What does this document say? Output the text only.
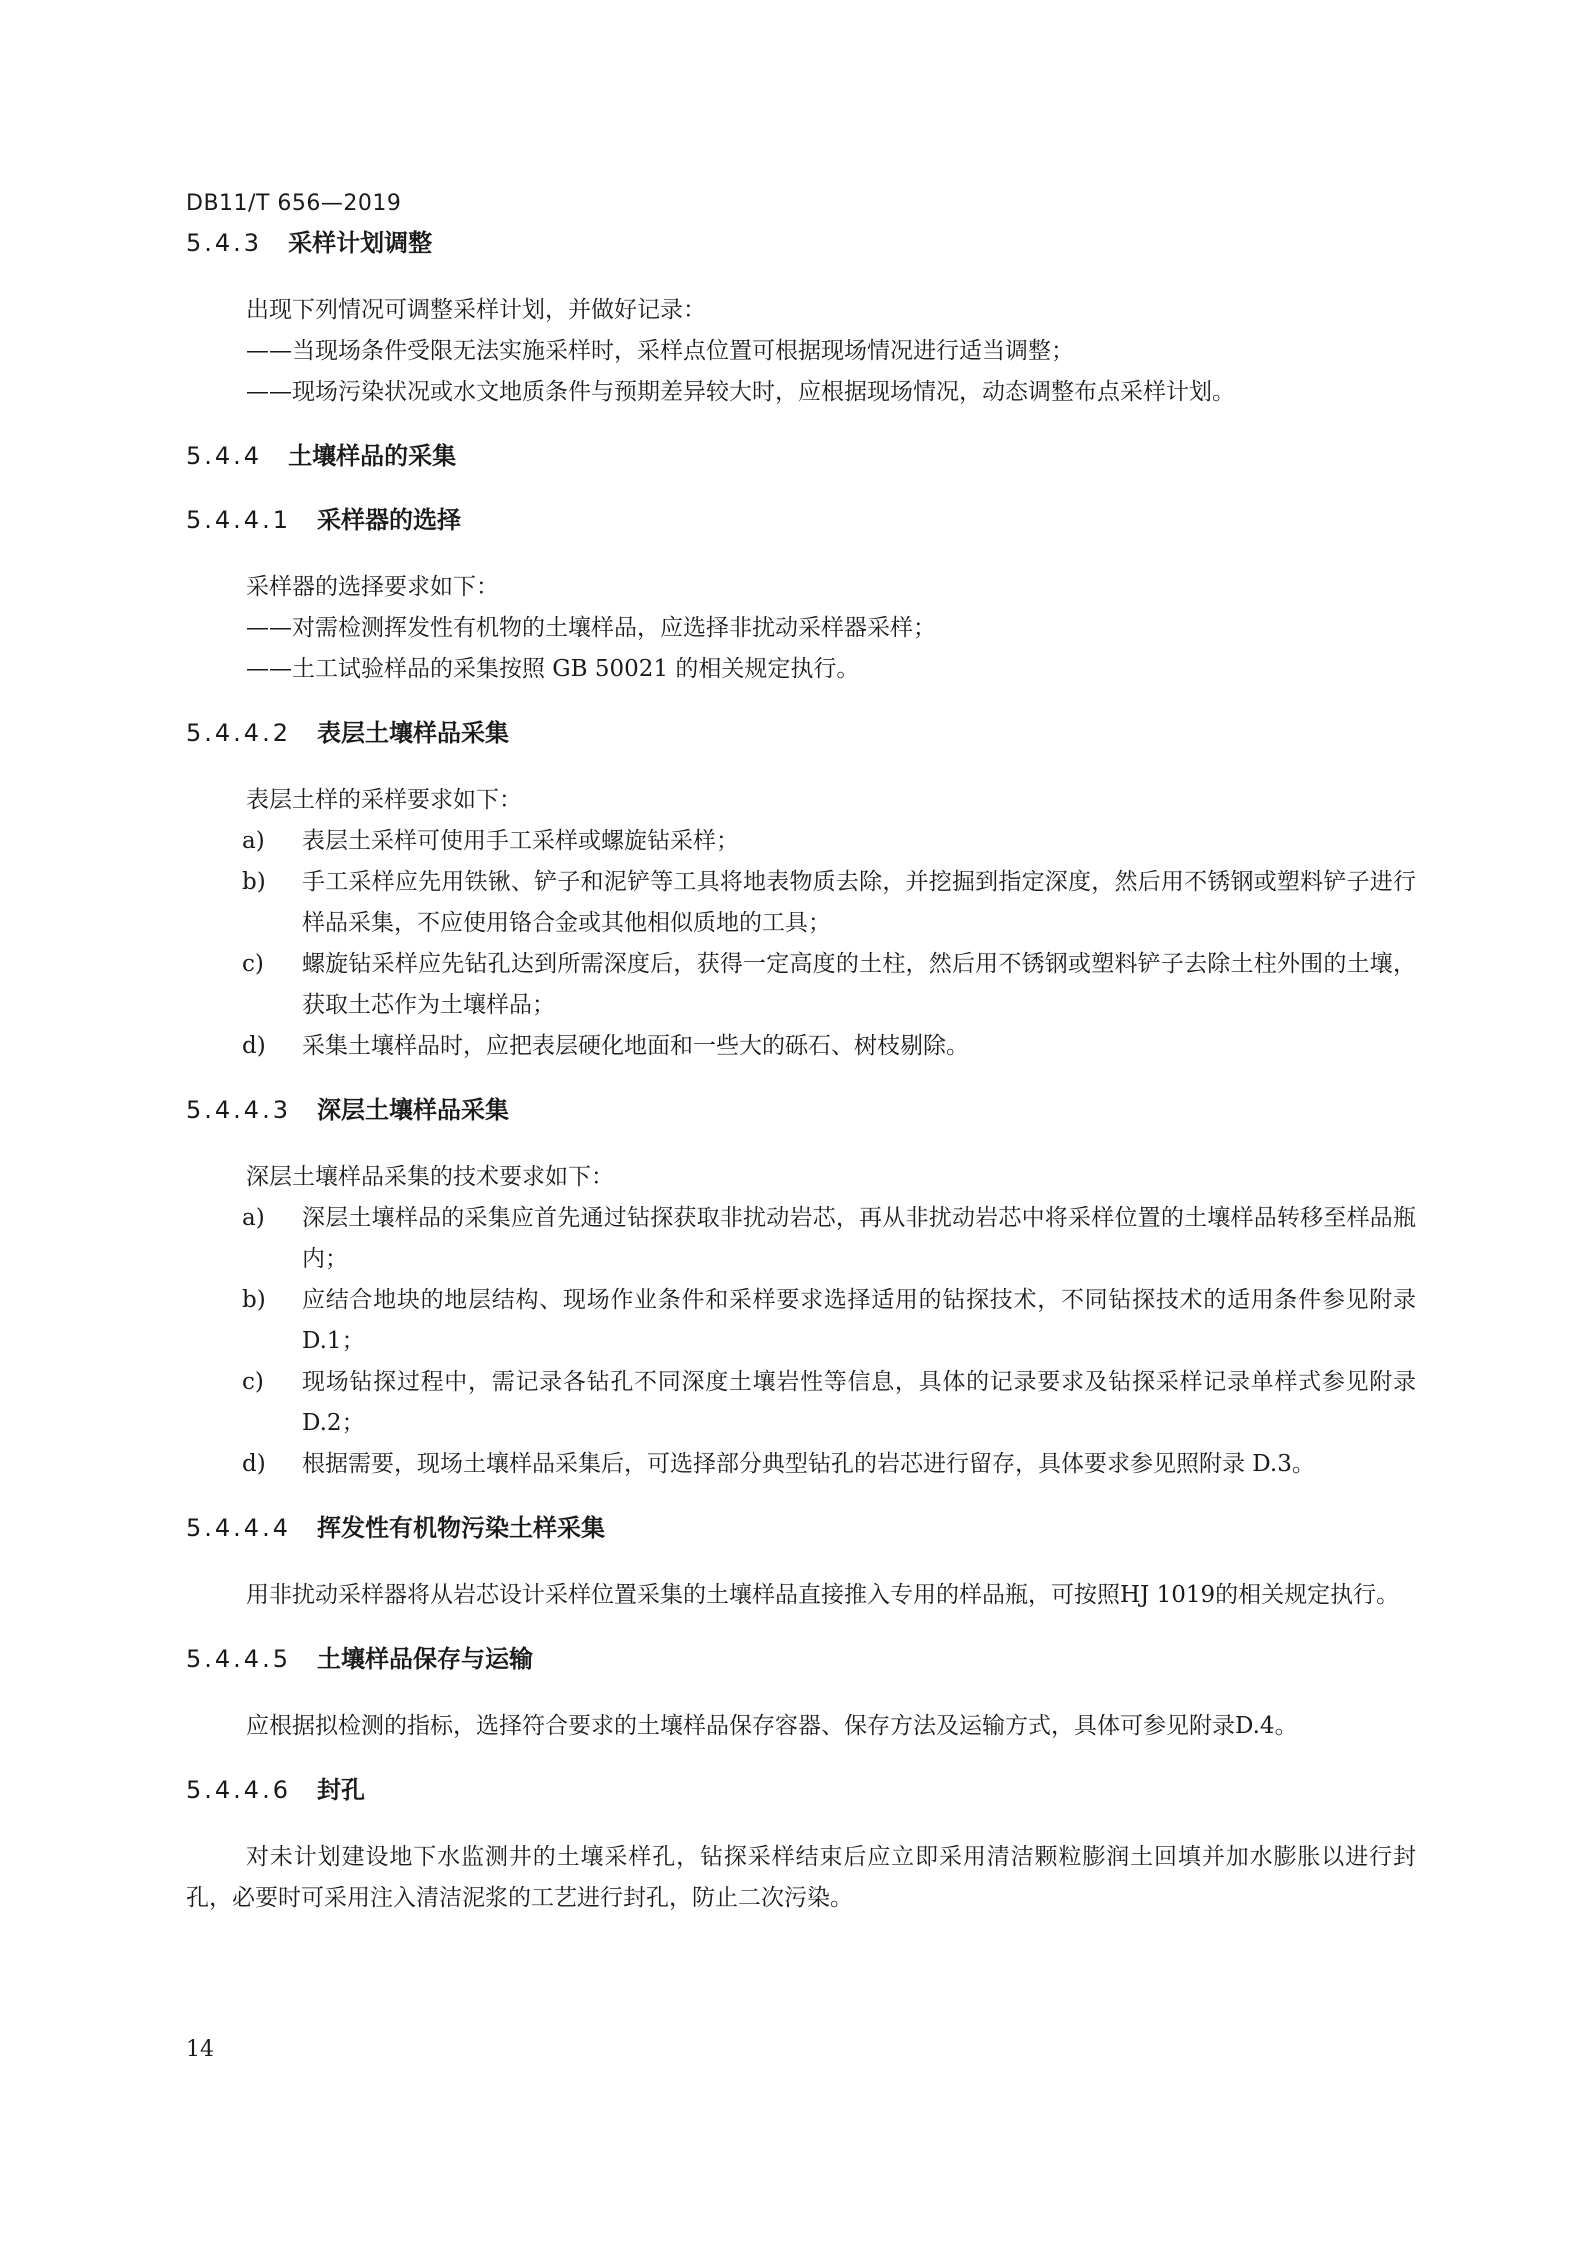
DB11/T 656—2019
5.4.3 采样计划调整

出现下列情况可调整采样计划，并做好记录：

——当现场条件受限无法实施采样时，采样点位置可根据现场情况进行适当调整；

——现场污染状况或水文地质条件与预期差异较大时，应根据现场情况，动态调整布点采样计划。

5.4.4 土壤样品的采集
5.4.4.1 采样器的选择

采样器的选择要求如下：

——对需检测挥发性有机物的土壤样品，应选择非扰动采样器采样；

——土工试验样品的采集按照 GB 50021 的相关规定执行。

5.4.4.2 表层土壤样品采集

表层土样的采样要求如下：

a)	表层土采样可使用手工采样或螺旋钻采样；
b)	手工采样应先用铁锹、铲子和泥铲等工具将地表物质去除，并挖掘到指定深度，然后用不锈钢或塑料铲子进行样品采集，不应使用铬合金或其他相似质地的工具；
c)	螺旋钻采样应先钻孔达到所需深度后，获得一定高度的土柱，然后用不锈钢或塑料铲子去除土柱外围的土壤，获取土芯作为土壤样品；
d)	采集土壤样品时，应把表层硬化地面和一些大的砾石、树枝剔除。
5.4.4.3 深层土壤样品采集

深层土壤样品采集的技术要求如下：

a)	深层土壤样品的采集应首先通过钻探获取非扰动岩芯，再从非扰动岩芯中将采样位置的土壤样品转移至样品瓶内；
b)	应结合地块的地层结构、现场作业条件和采样要求选择适用的钻探技术，不同钻探技术的适用条件参见附录 D.1；
c)	现场钻探过程中，需记录各钻孔不同深度土壤岩性等信息，具体的记录要求及钻探采样记录单样式参见附录 D.2；
d)	根据需要，现场土壤样品采集后，可选择部分典型钻孔的岩芯进行留存，具体要求参见照附录 D.3。
5.4.4.4 挥发性有机物污染土样采集

用非扰动采样器将从岩芯设计采样位置采集的土壤样品直接推入专用的样品瓶，可按照HJ 1019的相关规定执行。

5.4.4.5 土壤样品保存与运输

应根据拟检测的指标，选择符合要求的土壤样品保存容器、保存方法及运输方式，具体可参见附录D.4。

5.4.4.6 封孔

对未计划建设地下水监测井的土壤采样孔，钻探采样结束后应立即采用清洁颗粒膨润土回填并加水膨胀以进行封孔，必要时可采用注入清洁泥浆的工艺进行封孔，防止二次污染。

14
